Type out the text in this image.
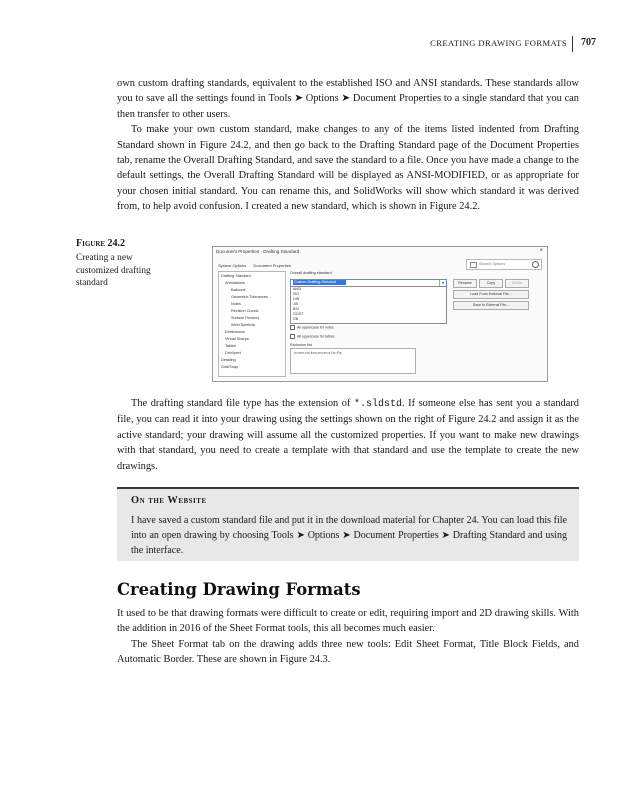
CREATING DRAWING FORMATS 707

own custom drafting standards, equivalent to the established ISO and ANSI standards. These standards allow you to save all the settings found in Tools ➤ Options ➤ Document Properties to a single standard that you can then transfer to other users.

To make your own custom standard, make changes to any of the items listed indented from Drafting Standard shown in Figure 24.2, and then go back to the Drafting Standard page of the Document Properties tab, rename the Overall Drafting Standard, and save the standard to a file. Once you have made a change to the default settings, the Overall Drafting Standard will be displayed as ANSI-MODIFIED, or as appropriate for your chosen initial standard. You can rename this, and SolidWorks will show which standard it was derived from, to help avoid confusion. I created a new standard, which is shown in Figure 24.2.

Figure 24.2
Creating a new customized drafting standard
Document Properties - Drafting Standard	×
System Options Document Properties	Search Options
Drafting Standard
Annotations
Balloons
Geometric Tolerances
Notes
Revision Clouds
Surface Finishes
Weld Symbols
Dimensions
Virtual Sharps
Tables
DimXpert
Detailing
Grid/Snap
Overall drafting standard
Custom-Drafting-Standard	▾
ANSI
ISO
DIN
JIS
BSI
GOST
GB
All uppercase for notes
All uppercase for tables
Exclusion list
m;mm;cm;km;um;nm;s;Hz;Pa;
Rename	Copy	Delete
Load From External File...
Save to External File...

The drafting standard file type has the extension of *.sldstd. If someone else has sent you a standard file, you can read it into your drawing using the settings shown on the right of Figure 24.2 and assign it as the active standard; your drawing will assume all the customized properties. If you want to make new drawings with that standard, you need to create a template with that standard and use the template to create the new drawings.

On the Website

I have saved a custom standard file and put it in the download material for Chapter 24. You can load this file into an open drawing by choosing Tools ➤ Options ➤ Document Properties ➤ Drafting Standard and using the interface.

Creating Drawing Formats

It used to be that drawing formats were difficult to create or edit, requiring import and 2D drawing skills. With the addition in 2016 of the Sheet Format tools, this all becomes much easier.

The Sheet Format tab on the drawing adds three new tools: Edit Sheet Format, Title Block Fields, and Automatic Border. These are shown in Figure 24.3.
